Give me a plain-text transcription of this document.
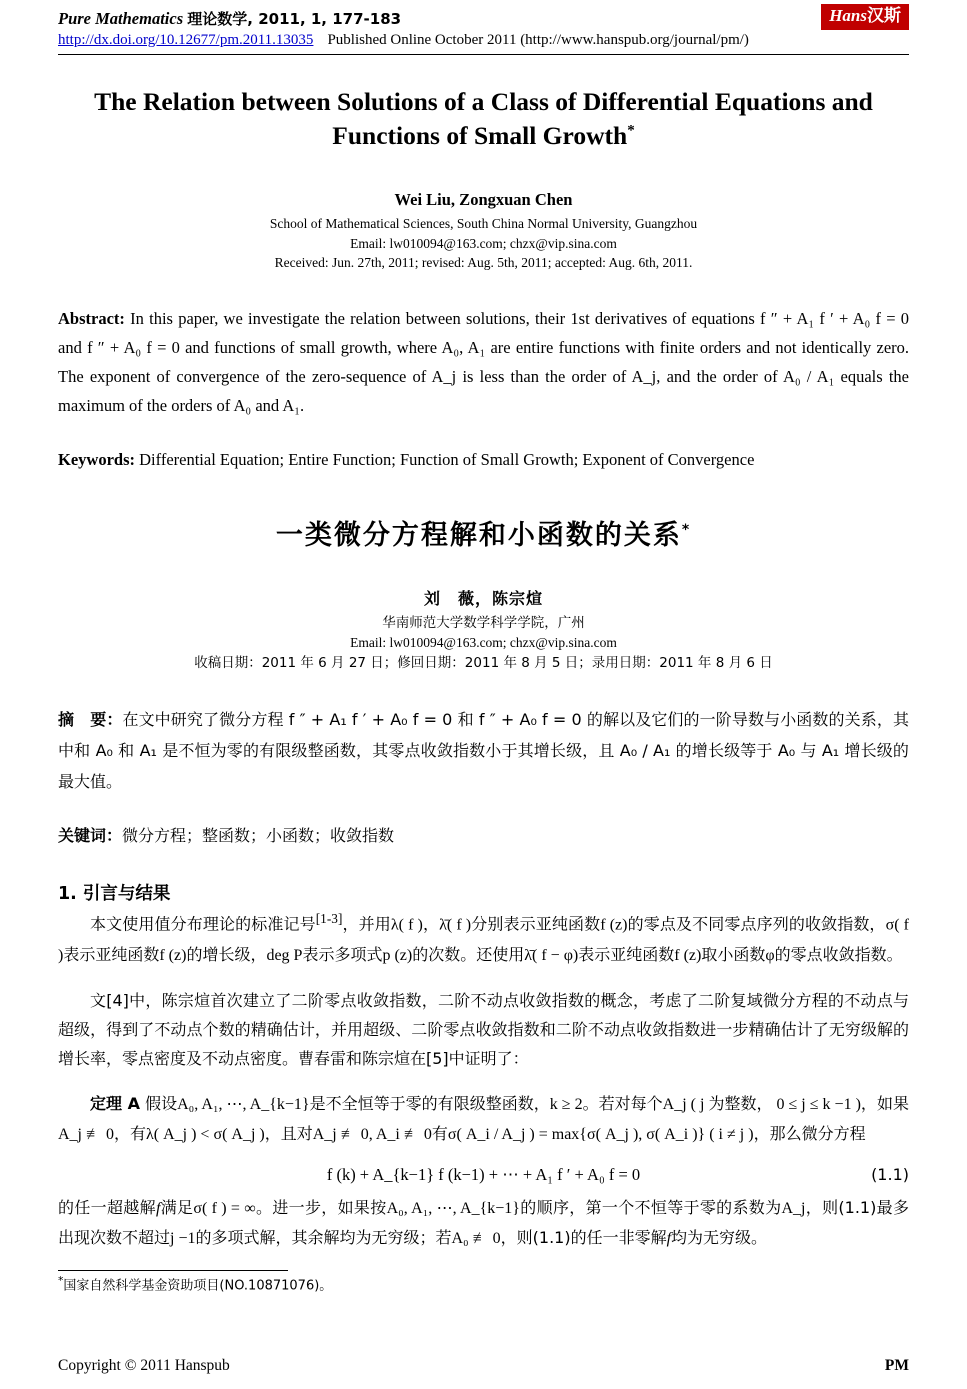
Pure Mathematics 理论数学, 2011, 1, 177-183
http://dx.doi.org/10.12677/pm.2011.13035 Published Online October 2011 (http://www.hanspub.org/journal/pm/)
Hans汉斯
The Relation between Solutions of a Class of Differential Equations and Functions of Small Growth*
Wei Liu, Zongxuan Chen
School of Mathematical Sciences, South China Normal University, Guangzhou
Email: lw010094@163.com; chzx@vip.sina.com
Received: Jun. 27th, 2011; revised: Aug. 5th, 2011; accepted: Aug. 6th, 2011.
Abstract: In this paper, we investigate the relation between solutions, their 1st derivatives of equations f ″ + A₁ f ′ + A₀ f = 0 and f ″ + A₀ f = 0 and functions of small growth, where A₀, A₁ are entire functions with finite orders and not identically zero. The exponent of convergence of the zero-sequence of A_j is less than the order of A_j, and the order of A₀ / A₁ equals the maximum of the orders of A₀ and A₁.
Keywords: Differential Equation; Entire Function; Function of Small Growth; Exponent of Convergence
一类微分方程解和小函数的关系*
刘　薇，陈宗煊
华南师范大学数学科学学院，广州
Email: lw010094@163.com; chzx@vip.sina.com
收稿日期：2011 年 6 月 27 日；修回日期：2011 年 8 月 5 日；录用日期：2011 年 8 月 6 日
摘　要：在文中研究了微分方程 f ″ + A₁ f ′ + A₀ f = 0 和 f ″ + A₀ f = 0 的解以及它们的一阶导数与小函数的关系，其中和 A₀ 和 A₁ 是不恒为零的有限级整函数，其零点收敛指数小于其增长级，且 A₀ / A₁ 的增长级等于 A₀ 与 A₁ 增长级的最大值。
关键词：微分方程；整函数；小函数；收敛指数
1. 引言与结果

本文使用值分布理论的标准记号[1-3]，并用λ( f )，λ̄( f )分别表示亚纯函数f (z)的零点及不同零点序列的收敛指数，σ( f )表示亚纯函数f (z)的增长级，deg P表示多项式p (z)的次数。还使用λ̄( f − φ)表示亚纯函数f (z)取小函数φ的零点收敛指数。

文[4]中，陈宗煊首次建立了二阶零点收敛指数，二阶不动点收敛指数的概念，考虑了二阶复域微分方程的不动点与超级，得到了不动点个数的精确估计，并用超级、二阶零点收敛指数和二阶不动点收敛指数进一步精确估计了无穷级解的增长率，零点密度及不动点密度。曹春雷和陈宗煊在[5]中证明了：

定理 A 假设A₀, A₁, ⋯, A_{k−1}是不全恒等于零的有限级整函数，k ≥ 2。若对每个A_j ( j 为整数， 0 ≤ j ≤ k −1 )，如果A_j ≢ 0，有λ( A_j ) < σ( A_j )，且对A_j ≢ 0, A_i ≢ 0有σ( A_i / A_j ) = max{σ( A_j ), σ( A_i )} ( i ≠ j )，那么微分方程

f (k) + A_{k−1} f (k−1) + ⋯ + A₁ f ′ + A₀ f = 0	(1.1)

的任一超越解f满足σ( f ) = ∞。进一步，如果按A₀, A₁, ⋯, A_{k−1}的顺序，第一个不恒等于零的系数为A_j，则(1.1)最多出现次数不超过j −1的多项式解，其余解均为无穷级；若A₀ ≢ 0，则(1.1)的任一非零解f均为无穷级。

*国家自然科学基金资助项目(NO.10871076)。
Copyright © 2011 Hanspub	PM
